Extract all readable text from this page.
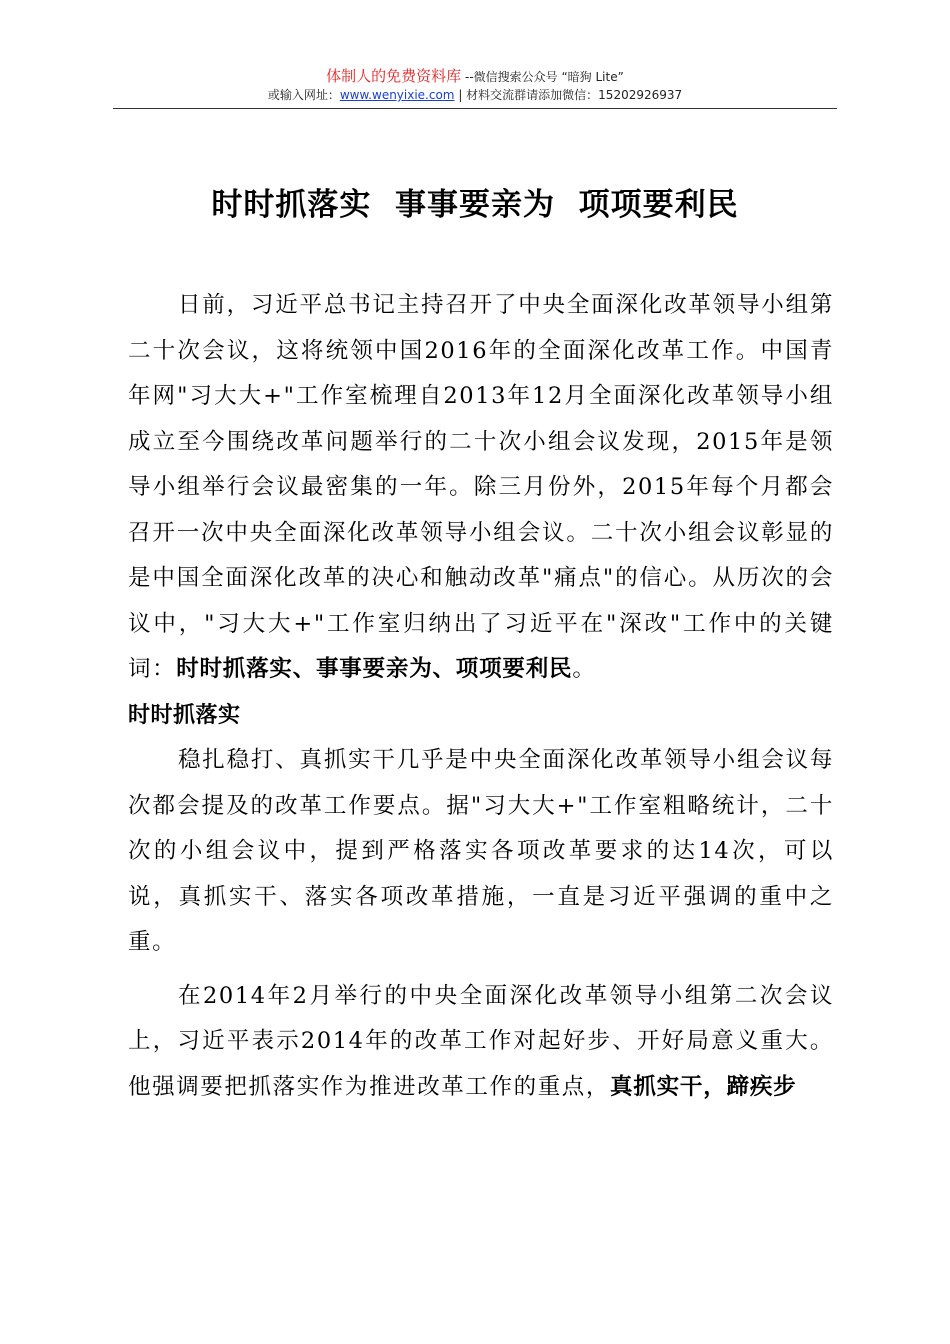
体制人的免费资料库 --微信搜索公众号 “暗狗 Lite”
或输入网址：www.wenyixie.com | 材料交流群请添加微信：15202926937
时时抓落实  事事要亲为  项项要利民

日前，习近平总书记主持召开了中央全面深化改革领导小组第二十次会议，这将统领中国2016年的全面深化改革工作。中国青年网"习大大+"工作室梳理自2013年12月全面深化改革领导小组成立至今围绕改革问题举行的二十次小组会议发现，2015年是领导小组举行会议最密集的一年。除三月份外，2015年每个月都会召开一次中央全面深化改革领导小组会议。二十次小组会议彰显的是中国全面深化改革的决心和触动改革"痛点"的信心。从历次的会议中，"习大大+"工作室归纳出了习近平在"深改"工作中的关键词：时时抓落实、事事要亲为、项项要利民。

时时抓落实

稳扎稳打、真抓实干几乎是中央全面深化改革领导小组会议每次都会提及的改革工作要点。据"习大大+"工作室粗略统计，二十次的小组会议中，提到严格落实各项改革要求的达14次，可以说，真抓实干、落实各项改革措施，一直是习近平强调的重中之重。

在2014年2月举行的中央全面深化改革领导小组第二次会议上，习近平表示2014年的改革工作对起好步、开好局意义重大。他强调要把抓落实作为推进改革工作的重点，真抓实干，蹄疾步
